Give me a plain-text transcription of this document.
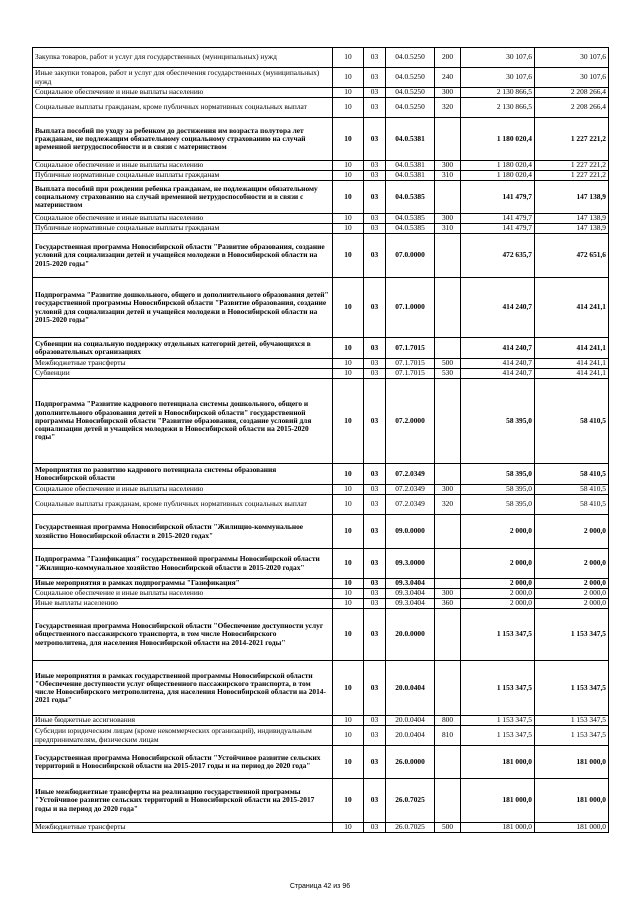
Закупка товаров, работ и услуг для государственных (муниципальных) нужд	10	03	04.0.5250	200	30 107,6	30 107,6
Иные закупки товаров, работ и услуг для обеспечения государственных (муниципальных) нужд	10	03	04.0.5250	240	30 107,6	30 107,6
Социальное обеспечение и иные выплаты населению	10	03	04.0.5250	300	2 130 866,5	2 208 266,4
Социальные выплаты гражданам, кроме публичных нормативных социальных выплат	10	03	04.0.5250	320	2 130 866,5	2 208 266,4
Выплата пособий по уходу за ребенком до достижения им возраста полутора лет гражданам, не подлежащим обязательному социальному страхованию на случай временной нетрудоспособности и в связи с материнством	10	03	04.0.5381		1 180 020,4	1 227 221,2
Социальное обеспечение и иные выплаты населению	10	03	04.0.5381	300	1 180 020,4	1 227 221,2
Публичные нормативные социальные выплаты гражданам	10	03	04.0.5381	310	1 180 020,4	1 227 221,2
Выплата пособий при рождении ребенка гражданам, не подлежащим обязательному социальному страхованию на случай временной нетрудоспособности и в связи с материнством	10	03	04.0.5385		141 479,7	147 138,9
Социальное обеспечение и иные выплаты населению	10	03	04.0.5385	300	141 479,7	147 138,9
Публичные нормативные социальные выплаты гражданам	10	03	04.0.5385	310	141 479,7	147 138,9
Государственная программа Новосибирской области "Развитие образования, создание условий для социализации детей и учащейся молодежи в Новосибирской области на 2015-2020 годы"	10	03	07.0.0000		472 635,7	472 651,6
Подпрограмма "Развитие дошкольного, общего и дополнительного образования детей" государственной программы Новосибирской области "Развитие образования, создание условий для социализации детей и учащейся молодежи в Новосибирской области на 2015-2020 годы"	10	03	07.1.0000		414 240,7	414 241,1
Субвенции на социальную поддержку отдельных категорий детей, обучающихся в образовательных организациях	10	03	07.1.7015		414 240,7	414 241,1
Межбюджетные трансферты	10	03	07.1.7015	500	414 240,7	414 241,1
Субвенции	10	03	07.1.7015	530	414 240,7	414 241,1
Подпрограмма "Развитие кадрового потенциала системы дошкольного, общего и дополнительного образования детей в Новосибирской области" государственной программы Новосибирской области "Развитие образования, создание условий для социализации детей и учащейся молодежи в Новосибирской области на 2015-2020 годы"	10	03	07.2.0000		58 395,0	58 410,5
Мероприятия по развитию кадрового потенциала системы образования Новосибирской области	10	03	07.2.0349		58 395,0	58 410,5
Социальное обеспечение и иные выплаты населению	10	03	07.2.0349	300	58 395,0	58 410,5
Социальные выплаты гражданам, кроме публичных нормативных социальных выплат	10	03	07.2.0349	320	58 395,0	58 410,5
Государственная программа Новосибирской области "Жилищно-коммунальное хозяйство Новосибирской области в 2015-2020 годах"	10	03	09.0.0000		2 000,0	2 000,0
Подпрограмма "Газификация" государственной программы Новосибирской области "Жилищно-коммунальное хозяйство Новосибирской области в 2015-2020 годах"	10	03	09.3.0000		2 000,0	2 000,0
Иные мероприятия в рамках подпрограммы "Газификация"	10	03	09.3.0404		2 000,0	2 000,0
Социальное обеспечение и иные выплаты населению	10	03	09.3.0404	300	2 000,0	2 000,0
Иные выплаты населению	10	03	09.3.0404	360	2 000,0	2 000,0
Государственная программа Новосибирской области "Обеспечение доступности услуг общественного пассажирского транспорта, в том числе Новосибирского метрополитена, для населения Новосибирской области на 2014-2021 годы"	10	03	20.0.0000		1 153 347,5	1 153 347,5
Иные мероприятия в рамках государственной программы Новосибирской области "Обеспечение доступности услуг общественного пассажирского транспорта, в том числе Новосибирского метрополитена, для населения Новосибирской области на 2014-2021 годы"	10	03	20.0.0404		1 153 347,5	1 153 347,5
Иные бюджетные ассигнования	10	03	20.0.0404	800	1 153 347,5	1 153 347,5
Субсидии юридическим лицам (кроме некоммерческих организаций), индивидуальным предпринимателям, физическим лицам	10	03	20.0.0404	810	1 153 347,5	1 153 347,5
Государственная программа Новосибирской области "Устойчивое развитие сельских территорий в Новосибирской области на 2015-2017 годы и на период до 2020 года"	10	03	26.0.0000		181 000,0	181 000,0
Иные межбюджетные трансферты на реализацию государственной программы "Устойчивое развитие сельских территорий в Новосибирской области на 2015-2017 годы и на период до 2020 года"	10	03	26.0.7025		181 000,0	181 000,0
Межбюджетные трансферты	10	03	26.0.7025	500	181 000,0	181 000,0
Страница 42 из 96
